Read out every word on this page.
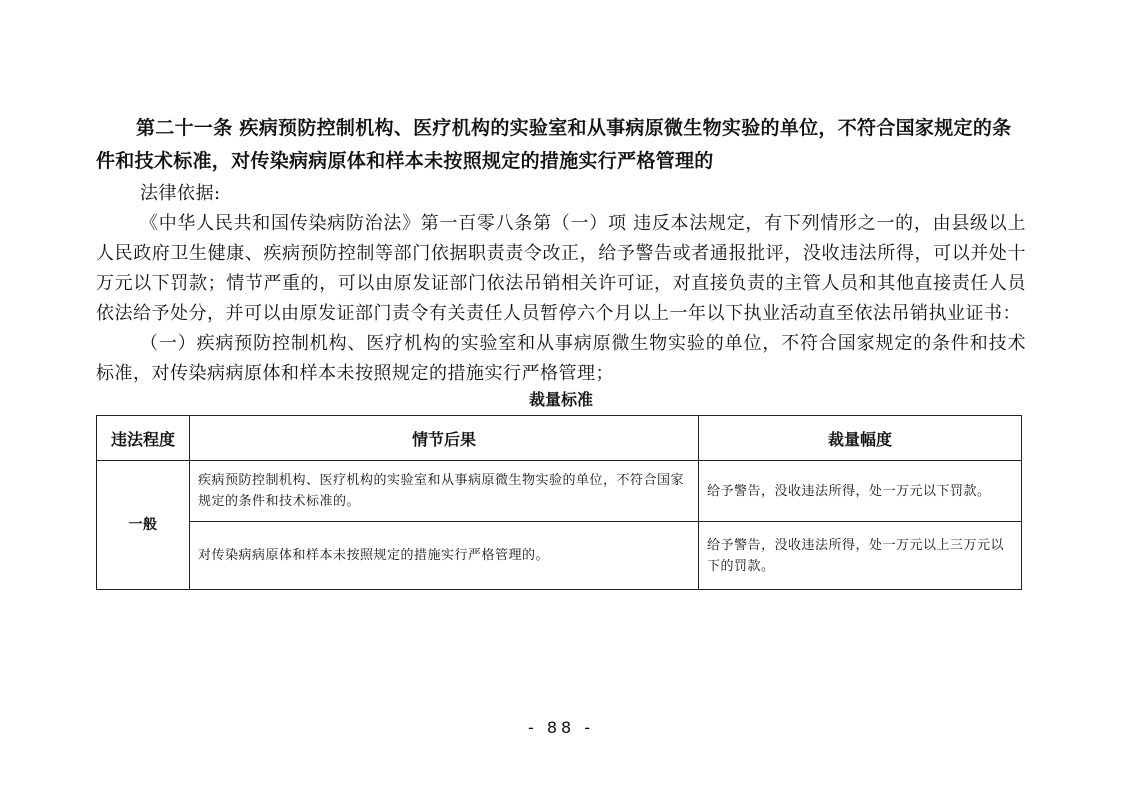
第二十一条 疾病预防控制机构、医疗机构的实验室和从事病原微生物实验的单位，不符合国家规定的条件和技术标准，对传染病病原体和样本未按照规定的措施实行严格管理的

法律依据:

《中华人民共和国传染病防治法》第一百零八条第（一）项 违反本法规定，有下列情形之一的，由县级以上人民政府卫生健康、疾病预防控制等部门依据职责责令改正，给予警告或者通报批评，没收违法所得，可以并处十万元以下罚款；情节严重的，可以由原发证部门依法吊销相关许可证，对直接负责的主管人员和其他直接责任人员依法给予处分，并可以由原发证部门责令有关责任人员暂停六个月以上一年以下执业活动直至依法吊销执业证书：

（一）疾病预防控制机构、医疗机构的实验室和从事病原微生物实验的单位，不符合国家规定的条件和技术标准，对传染病病原体和样本未按照规定的措施实行严格管理；

裁量标准
违法程度	情节后果	裁量幅度
一般	疾病预防控制机构、医疗机构的实验室和从事病原微生物实验的单位，不符合国家规定的条件和技术标准的。	给予警告，没收违法所得，处一万元以下罚款。
	对传染病病原体和样本未按照规定的措施实行严格管理的。	给予警告，没收违法所得，处一万元以上三万元以下的罚款。
- 88 -
